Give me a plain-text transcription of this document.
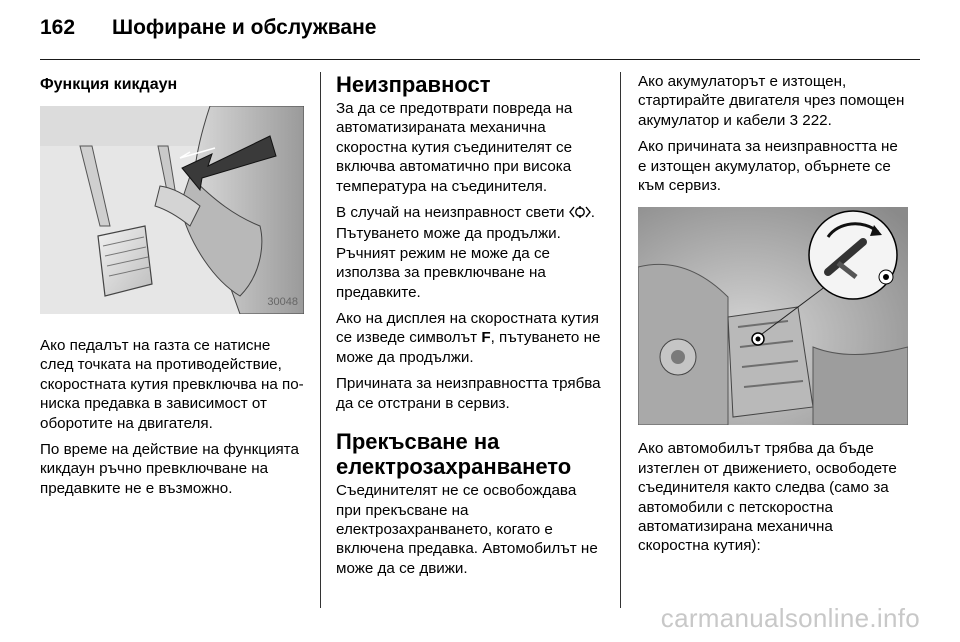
162	Шофиране и обслужване
Функция кикдаун
30048

Ако педалът на газта се натисне след точката на противодействие, скоростната кутия превключва на по-ниска предавка в зависимост от оборотите на двигателя.

По време на действие на функцията кикдаун ръчно превключване на предавките не е възможно.

Неизправност

За да се предотврати повреда на автоматизираната механична скоростна кутия съединителят се включва автоматично при висока температура на съединителя.

В случай на неизправност свети . Пътуването може да продължи. Ръчният режим не може да се използва за превключване на предавките.

Ако на дисплея на скоростната кутия се изведе символът F, пътуването не може да продължи.

Причината за неизправността трябва да се отстрани в сервиз.

Прекъсване на електрозахранването

Съединителят не се освобождава при прекъсване на електрозахранването, когато е включена предавка. Автомобилът не може да се движи.

Ако акумулаторът е изтощен, стартирайте двигателя чрез помощен акумулатор и кабели 3 222.

Ако причината за неизправността не е изтощен акумулатор, обърнете се към сервиз.

Ако автомобилът трябва да бъде изтеглен от движението, освободете съединителя както следва (само за автомобили с петскоростна автоматизирана механична скоростна кутия):

carmanualsonline.info
